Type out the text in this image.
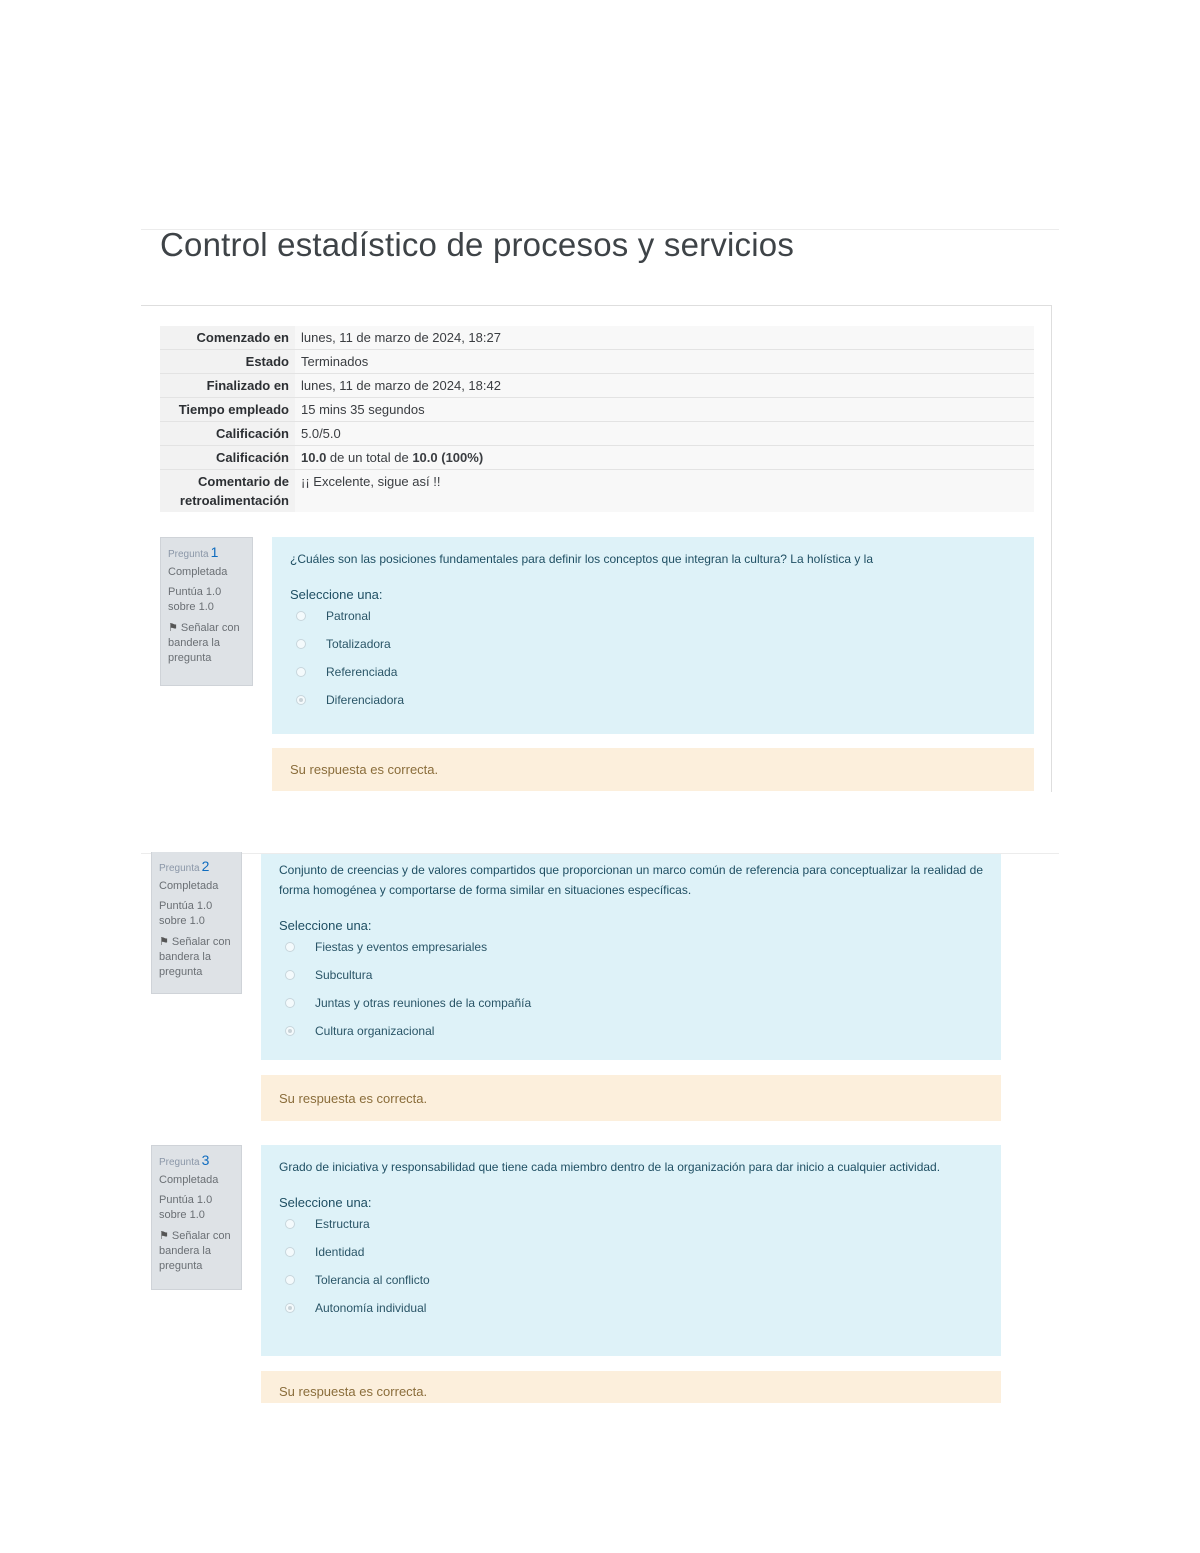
Control estadístico de procesos y servicios
Comenzado en	lunes, 11 de marzo de 2024, 18:27
Estado	Terminados
Finalizado en	lunes, 11 de marzo de 2024, 18:42
Tiempo empleado	15 mins 35 segundos
Calificación	5.0/5.0
Calificación	10.0 de un total de 10.0 (100%)
Comentario de retroalimentación	¡¡ Excelente, sigue así !!
Pregunta 1

Completada

Puntúa 1.0
sobre 1.0

⚑ Señalar con bandera la pregunta

¿Cuáles son las posiciones fundamentales para definir los conceptos que integran la cultura? La holística y la

Seleccione una:
Patronal
Totalizadora
Referenciada
Diferenciadora
Su respuesta es correcta.
Pregunta 2

Completada

Puntúa 1.0
sobre 1.0

⚑ Señalar con bandera la pregunta

Conjunto de creencias y de valores compartidos que proporcionan un marco común de referencia para conceptualizar la realidad de forma homogénea y comportarse de forma similar en situaciones específicas.

Seleccione una:
Fiestas y eventos empresariales
Subcultura
Juntas y otras reuniones de la compañía
Cultura organizacional
Su respuesta es correcta.
Pregunta 3

Completada

Puntúa 1.0
sobre 1.0

⚑ Señalar con bandera la pregunta

Grado de iniciativa y responsabilidad que tiene cada miembro dentro de la organización para dar inicio a cualquier actividad.

Seleccione una:
Estructura
Identidad
Tolerancia al conflicto
Autonomía individual
Su respuesta es correcta.
